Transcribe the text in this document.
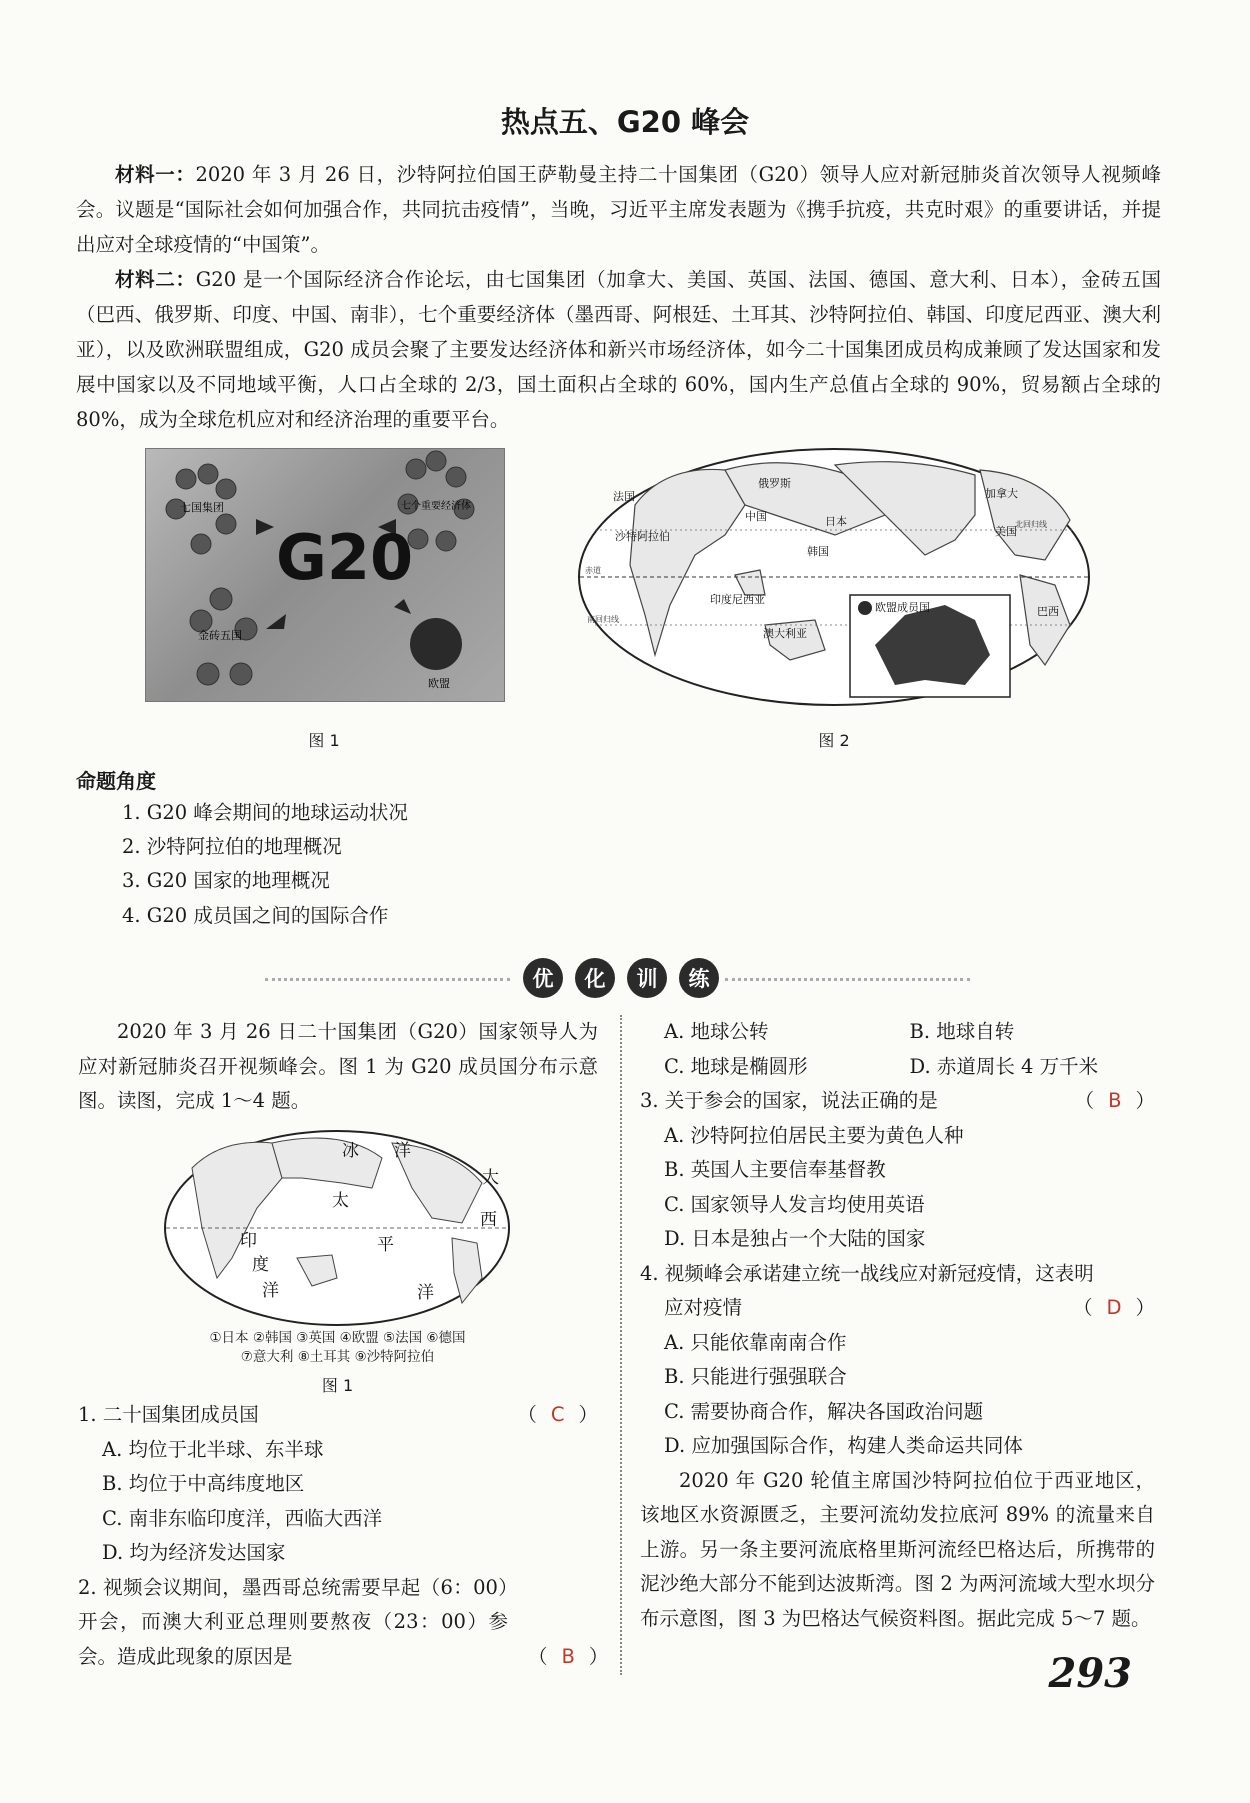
热点五、G20 峰会
材料一：2020 年 3 月 26 日，沙特阿拉伯国王萨勒曼主持二十国集团（G20）领导人应对新冠肺炎首次领导人视频峰会。议题是“国际社会如何加强合作，共同抗击疫情”，当晚，习近平主席发表题为《携手抗疫，共克时艰》的重要讲话，并提出应对全球疫情的“中国策”。
材料二：G20 是一个国际经济合作论坛，由七国集团（加拿大、美国、英国、法国、德国、意大利、日本），金砖五国（巴西、俄罗斯、印度、中国、南非），七个重要经济体（墨西哥、阿根廷、土耳其、沙特阿拉伯、韩国、印度尼西亚、澳大利亚），以及欧洲联盟组成，G20 成员会聚了主要发达经济体和新兴市场经济体，如今二十国集团成员构成兼顾了发达国家和发展中国家以及不同地域平衡，人口占全球的 2/3，国土面积占全球的 60%，国内生产总值占全球的 90%，贸易额占全球的 80%，成为全球危机应对和经济治理的重要平台。
G20
七国集团	七个重要经济体
金砖五国
欧盟
图 1
俄罗斯
加拿大
美国
中国	日本
韩国
法国
沙特阿拉伯
印度尼西亚
澳大利亚
巴西
欧盟成员国
赤道
北回归线
南回归线
图 2
命题角度
1. G20 峰会期间的地球运动状况
2. 沙特阿拉伯的地理概况
3. G20 国家的地理概况
4. G20 成员国之间的国际合作
优 化 训 练

2020 年 3 月 26 日二十国集团（G20）国家领导人为应对新冠肺炎召开视频峰会。图 1 为 G20 成员国分布示意图。读图，完成 1～4 题。

冰 洋
太
平
洋
大
西
印
度
洋
①日本 ②韩国 ③英国 ④欧盟 ⑤法国 ⑥德国
⑦意大利 ⑧土耳其 ⑨沙特阿拉伯
图 1
1. 二十国集团成员国	（ C ）

A. 均位于北半球、东半球

B. 均位于中高纬度地区

C. 南非东临印度洋，西临大西洋

D. 均为经济发达国家

2. 视频会议期间，墨西哥总统需要早起（6：00）开会，而澳大利亚总理则要熬夜（23：00）参会。造成此现象的原因是	（ B ）
A. 地球公转	B. 地球自转
C. 地球是椭圆形	D. 赤道周长 4 万千米
3. 关于参会的国家，说法正确的是	（ B ）

A. 沙特阿拉伯居民主要为黄色人种

B. 英国人主要信奉基督教

C. 国家领导人发言均使用英语

D. 日本是独占一个大陆的国家

4. 视频峰会承诺建立统一战线应对新冠疫情，这表明

应对疫情	（ D ）

A. 只能依靠南南合作

B. 只能进行强强联合

C. 需要协商合作，解决各国政治问题

D. 应加强国际合作，构建人类命运共同体

2020 年 G20 轮值主席国沙特阿拉伯位于西亚地区，该地区水资源匮乏，主要河流幼发拉底河 89% 的流量来自上游。另一条主要河流底格里斯河流经巴格达后，所携带的泥沙绝大部分不能到达波斯湾。图 2 为两河流域大型水坝分布示意图，图 3 为巴格达气候资料图。据此完成 5～7 题。

293
